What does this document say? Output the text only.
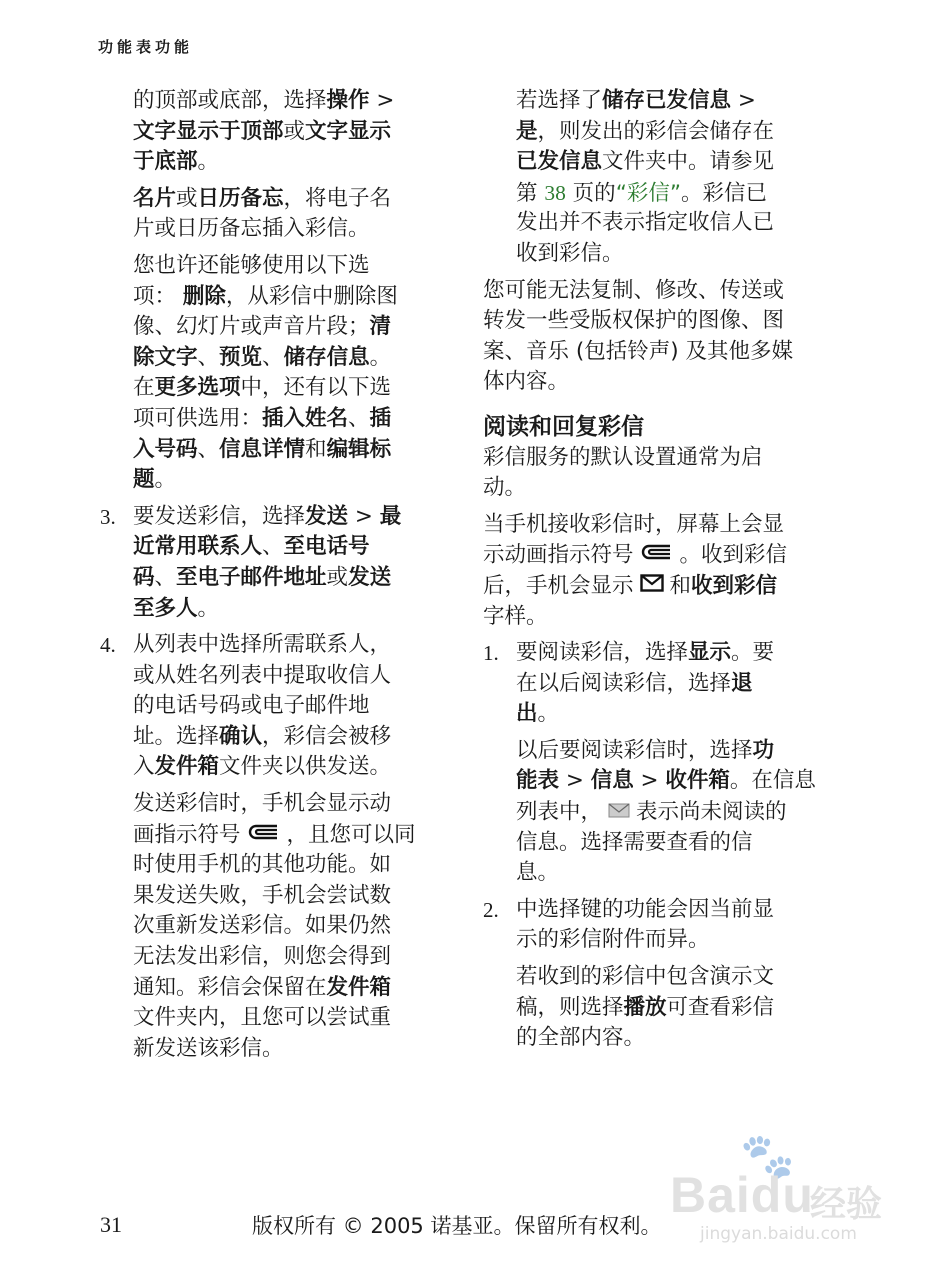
功能表功能
的顶部或底部，选择操作 >
文字显示于顶部或文字显示
于底部。
名片或日历备忘，将电子名
片或日历备忘插入彩信。
您也许还能够使用以下选
项： 删除，从彩信中删除图
像、幻灯片或声音片段；清
除文字、预览、储存信息。
在更多选项中，还有以下选
项可供选用：插入姓名、插
入号码、信息详情和编辑标
题。
3. 要发送彩信，选择发送 > 最
近常用联系人、至电话号
码、至电子邮件地址或发送
至多人。
4. 从列表中选择所需联系人，
或从姓名列表中提取收信人
的电话号码或电子邮件地
址。选择确认，彩信会被移
入发件箱文件夹以供发送。
发送彩信时，手机会显示动
画指示符号 ，且您可以同
时使用手机的其他功能。如
果发送失败，手机会尝试数
次重新发送彩信。如果仍然
无法发出彩信，则您会得到
通知。彩信会保留在发件箱
文件夹内，且您可以尝试重
新发送该彩信。
若选择了储存已发信息 >
是，则发出的彩信会储存在
已发信息文件夹中。请参见
第 38 页的“彩信”。彩信已
发出并不表示指定收信人已
收到彩信。
您可能无法复制、修改、传送或
转发一些受版权保护的图像、图
案、音乐 (包括铃声) 及其他多媒
体内容。
阅读和回复彩信
彩信服务的默认设置通常为启
动。
当手机接收彩信时，屏幕上会显
示动画指示符号 。收到彩信
后，手机会显示 和收到彩信
字样。
1. 要阅读彩信，选择显示。要
在以后阅读彩信，选择退
出。
以后要阅读彩信时，选择功
能表 > 信息 > 收件箱。在信息
列表中， 表示尚未阅读的
信息。选择需要查看的信
息。
2. 中选择键的功能会因当前显
示的彩信附件而异。
若收到的彩信中包含演示文
稿，则选择播放可查看彩信
的全部内容。
31	版权所有 © 2005 诺基亚。保留所有权利。
🐾
Baidu
经验
jingyan.baidu.com
